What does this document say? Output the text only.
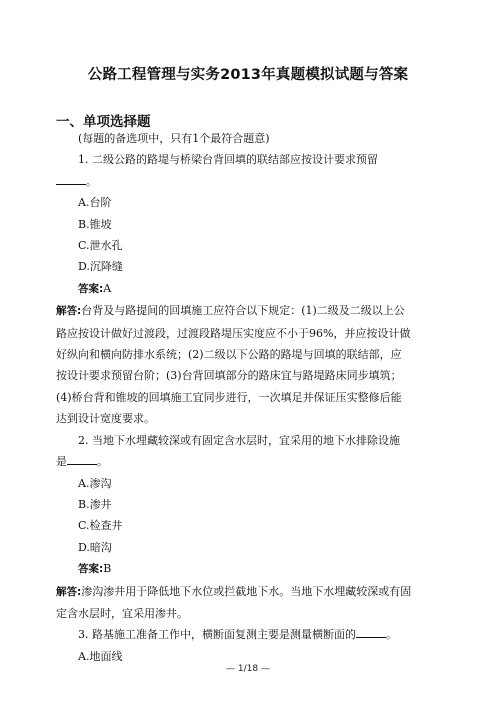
公路工程管理与实务2013年真题模拟试题与答案
一、单项选择题
(每题的备选项中，只有1个最符合题意)
1. 二级公路的路堤与桥梁台背回填的联结部应按设计要求预留
。
A.台阶
B.锥坡
C.泄水孔
D.沉降缝
答案:A
解答:台背及与路提间的回填施工应符合以下规定：(1)二级及二级以上公
路应按设计做好过渡段，过渡段路堤压实度应不小于96%，并应按设计做
好纵向和横向防排水系统；(2)二级以下公路的路堤与回填的联结部，应
按设计要求预留台阶；(3)台背回填部分的路床宜与路堤路床同步填筑；
(4)桥台背和锥坡的回填施工宜同步进行，一次填足并保证压实整修后能
达到设计宽度要求。
2. 当地下水埋藏较深或有固定含水层时，宜采用的地下水排除设施
是	。
A.渗沟
B.渗井
C.检查井
D.暗沟
答案:B
解答:渗沟渗井用于降低地下水位或拦截地下水。当地下水埋藏较深或有固
定含水层时，宜采用渗井。
3. 路基施工准备工作中，横断面复测主要是测量横断面的	。
A.地面线
— 1/18 —
